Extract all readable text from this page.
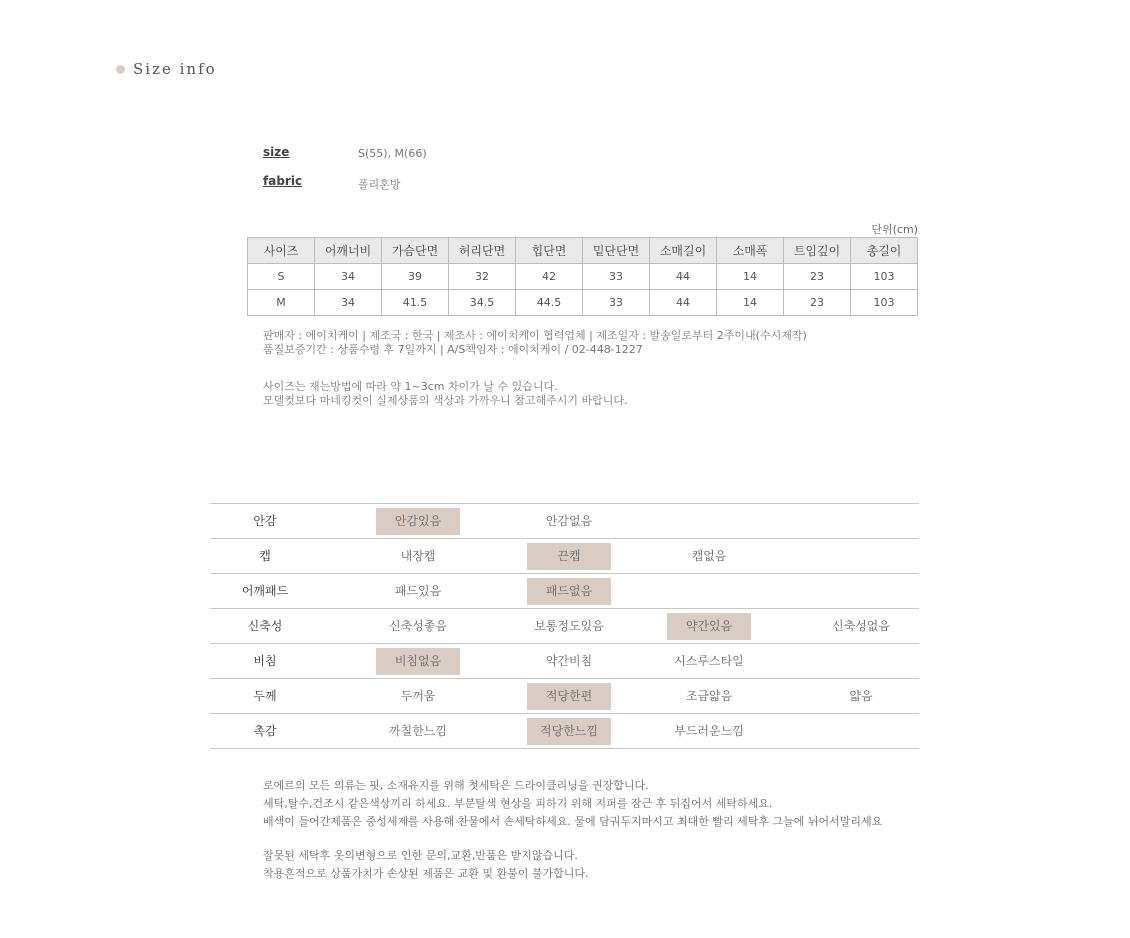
Size info
size	S(55), M(66)
fabric	폴리혼방
단위(cm)
사이즈	어깨너비	가슴단면	허리단면	힙단면	밑단단면	소매길이	소매폭	트임깊이	총길이
S	34	39	32	42	33	44	14	23	103
M	34	41.5	34.5	44.5	33	44	14	23	103
판매자 : 에이치케이 | 제조국 : 한국 | 제조사 : 에이치케이 협력업체 | 제조일자 : 발송일로부터 2주이내(수시제작)
품질보증기간 : 상품수령 후 7일까지 | A/S책임자 : 에이치케이 / 02-448-1227
사이즈는 재는방법에 따라 약 1~3cm 차이가 날 수 있습니다.
모델컷보다 마네킹컷이 실제상품의 색상과 가까우니 참고해주시기 바랍니다.
안감	안감있음	안감없음
캡	내장캡	끈캡	캡없음
어깨패드	패드있음	패드없음
신축성	신축성좋음	보통정도있음	약간있음	신축성없음
비침	비침없음	약간비침	시스루스타일
두께	두꺼움	적당한편	조금얇음	얇음
촉감	까칠한느낌	적당한느낌	부드러운느낌
로에르의 모든 의류는 핏, 소재유지를 위해 첫세탁은 드라이클리닝을 권장합니다.
세탁,탈수,건조시 같은색상끼리 하세요. 부분탈색 현상을 피하기 위해 지퍼를 잠근 후 뒤집어서 세탁하세요.
배색이 들어간제품은 중성세제를 사용해 찬물에서 손세탁하세요. 물에 담궈두지마시고 최대한 빨리 세탁후 그늘에 뉘어서말리세요
잘못된 세탁후 옷의변형으로 인한 문의,교환,반품은 받지않습니다.
착용흔적으로 상품가치가 손상된 제품은 교환 및 환불이 불가합니다.
